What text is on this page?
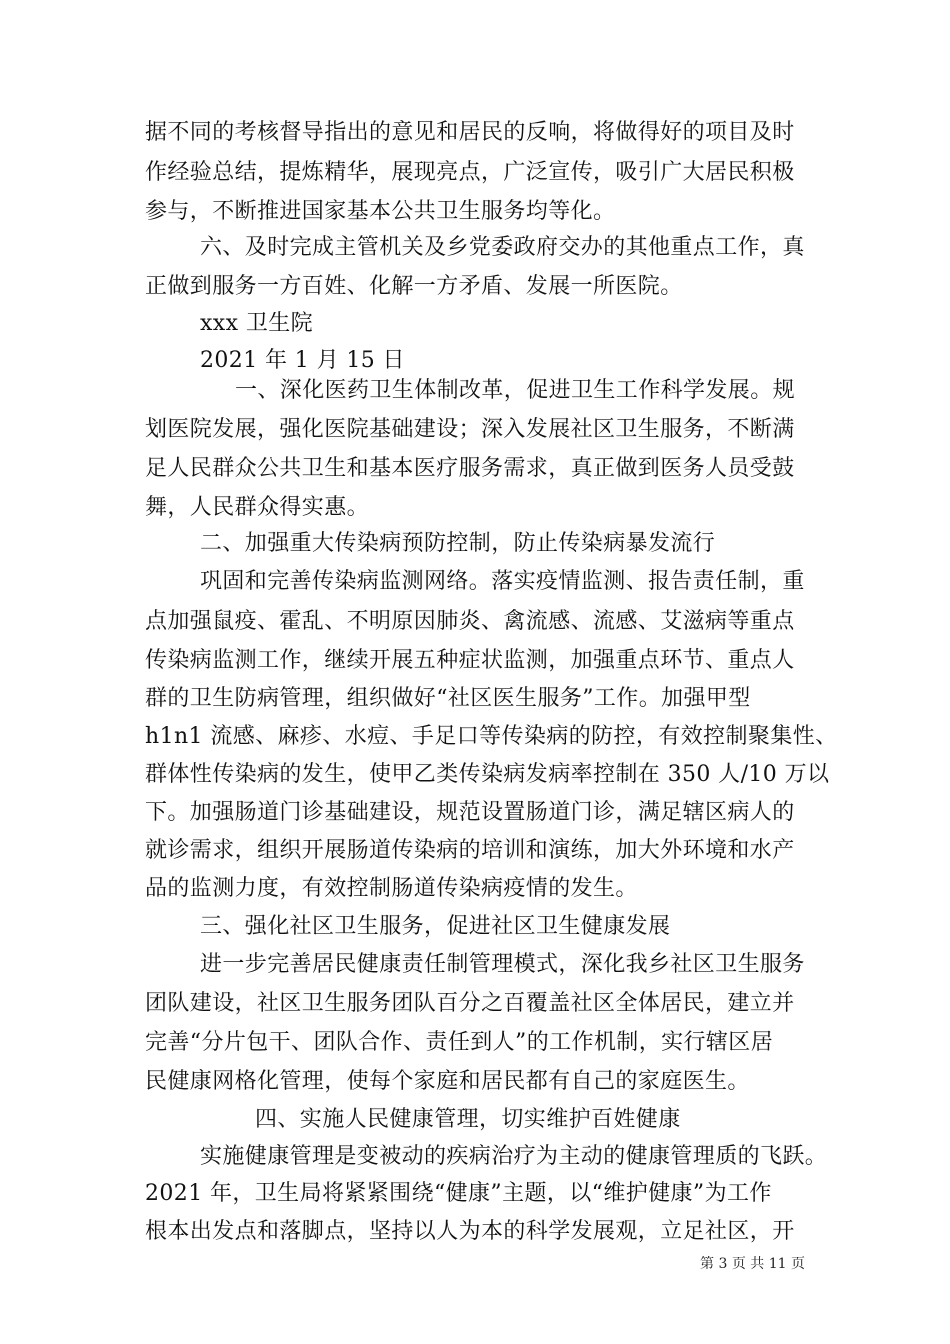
据不同的考核督导指出的意见和居民的反响，将做得好的项目及时
作经验总结，提炼精华，展现亮点，广泛宣传，吸引广大居民积极
参与，不断推进国家基本公共卫生服务均等化。
六、及时完成主管机关及乡党委政府交办的其他重点工作，真
正做到服务一方百姓、化解一方矛盾、发展一所医院。
xxx 卫生院
2021 年 1 月 15 日
一、深化医药卫生体制改革，促进卫生工作科学发展。规
划医院发展，强化医院基础建设；深入发展社区卫生服务，不断满
足人民群众公共卫生和基本医疗服务需求，真正做到医务人员受鼓
舞，人民群众得实惠。
二、加强重大传染病预防控制，防止传染病暴发流行
巩固和完善传染病监测网络。落实疫情监测、报告责任制，重
点加强鼠疫、霍乱、不明原因肺炎、禽流感、流感、艾滋病等重点
传染病监测工作，继续开展五种症状监测，加强重点环节、重点人
群的卫生防病管理，组织做好“社区医生服务”工作。加强甲型
h1n1 流感、麻疹、水痘、手足口等传染病的防控，有效控制聚集性、
群体性传染病的发生，使甲乙类传染病发病率控制在 350 人/10 万以
下。加强肠道门诊基础建设，规范设置肠道门诊，满足辖区病人的
就诊需求，组织开展肠道传染病的培训和演练，加大外环境和水产
品的监测力度，有效控制肠道传染病疫情的发生。
三、强化社区卫生服务，促进社区卫生健康发展
进一步完善居民健康责任制管理模式，深化我乡社区卫生服务
团队建设，社区卫生服务团队百分之百覆盖社区全体居民，建立并
完善“分片包干、团队合作、责任到人”的工作机制，实行辖区居
民健康网格化管理，使每个家庭和居民都有自己的家庭医生。
四、实施人民健康管理，切实维护百姓健康
实施健康管理是变被动的疾病治疗为主动的健康管理质的飞跃。
2021 年，卫生局将紧紧围绕“健康”主题，以“维护健康”为工作
根本出发点和落脚点，坚持以人为本的科学发展观，立足社区，开
第 3 页 共 11 页
